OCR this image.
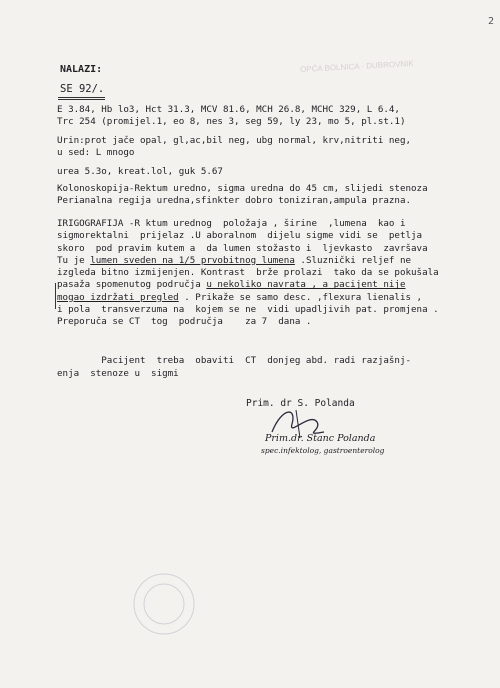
2
OPĆA BOLNICA · DUBROVNIK

NALAZI:
SE 92/.
E 3.84, Hb lo3, Hct 31.3, MCV 81.6, MCH 26.8, MCHC 329, L 6.4,
Trc 254 (promijel.1, eo 8, nes 3, seg 59, ly 23, mo 5, pl.st.1)
Urin:prot jače opal, gl,ac,bil neg, ubg normal, krv,nitriti neg,
u sed: L mnogo
urea 5.3o, kreat.lol, guk 5.67
Kolonoskopija-Rektum uredno, sigma uredna do 45 cm, slijedi stenoza
Perianalna regija uredna,sfinkter dobro toniziran,ampula prazna.

IRIGOGRAFIJA -R ktum urednog  položaja , širine  ,lumena  kao i

sigmorektalni  prijelaz .U aboralnom  dijelu sigme vidi se  petlja

skoro  pod pravim kutem a  da lumen stožasto i  ljevkasto  završava

Tu je lumen sveden na 1/5 prvobitnog lumena .Sluznički reljef ne

izgleda bitno izmijenjen. Kontrast  brže prolazi  tako da se pokušala

pasaža spomenutog područja u nekoliko navrata , a pacijent nije

mogao izdržati pregled . Prikaže se samo desc. ,flexura lienalis ,

i pola  transverzuma na  kojem se ne  vidi upadljivih pat. promjena .

Preporuča se CT  tog  područja    za 7  dana .

Pacijent  treba  obaviti  CT  donjeg abd. radi razjašnj-
enja  stenoze u  sigmi
Prim. dr S. Polanda
Prim.dr. Stanc Polanda
spec.infektolog, gastroenterolog
